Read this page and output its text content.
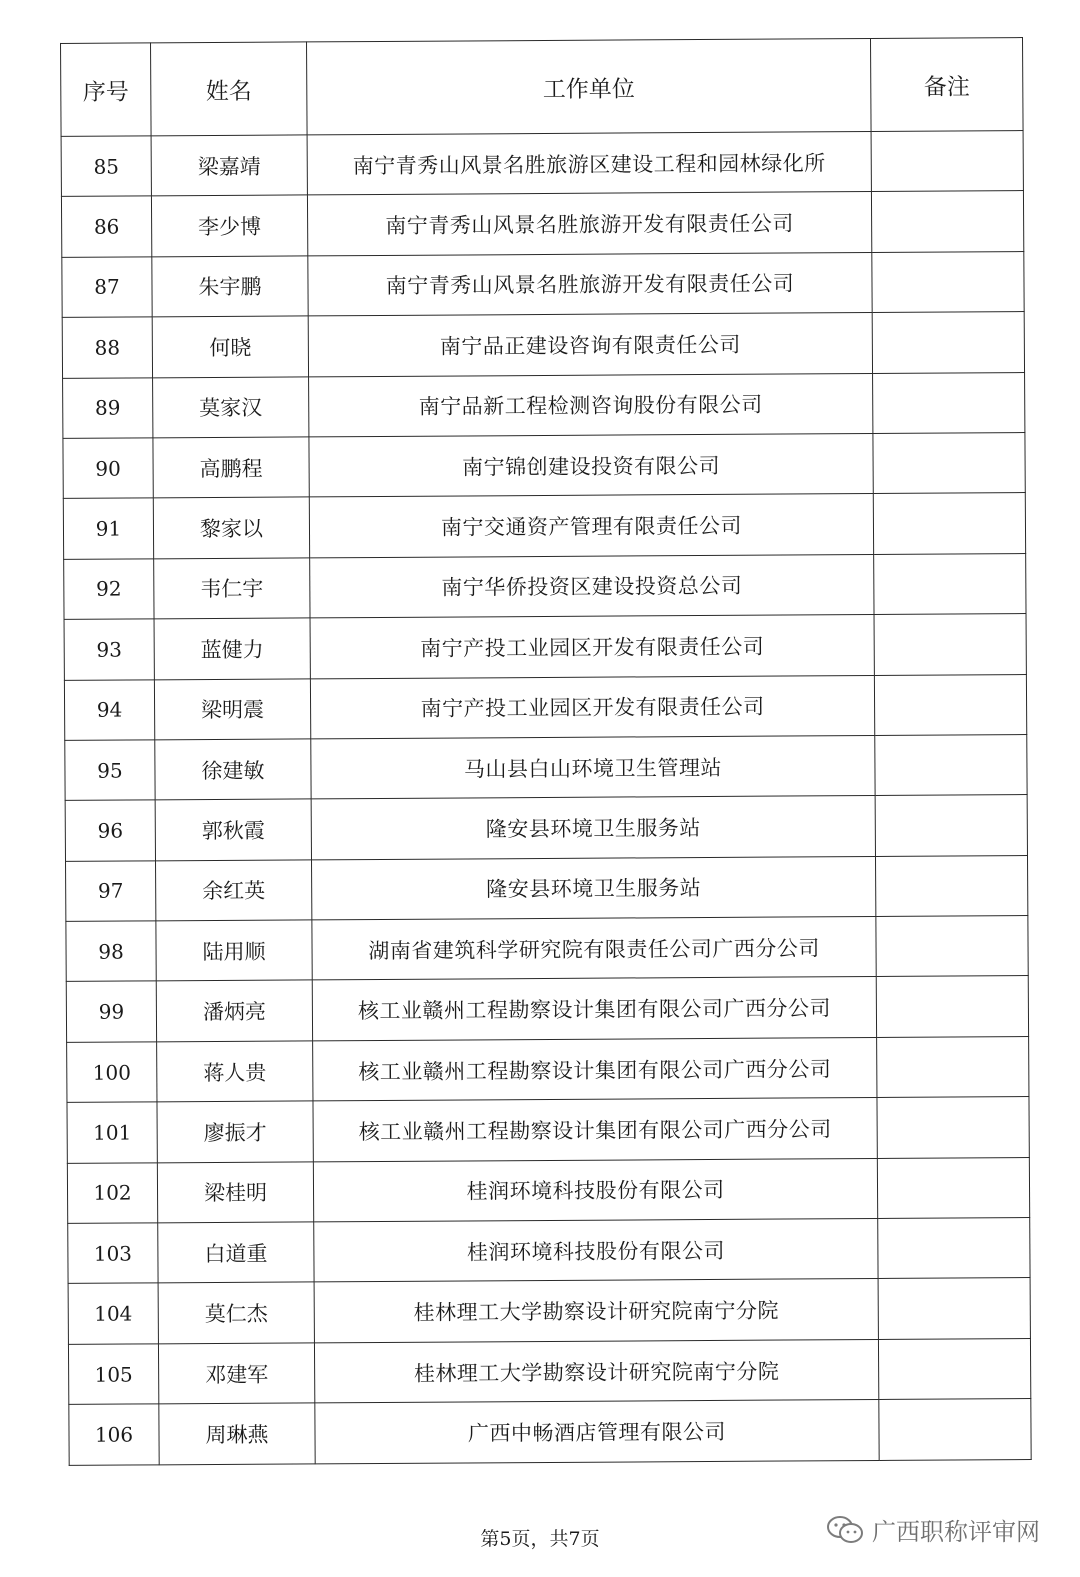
序号	姓名	工作单位	备注
85	梁嘉靖	南宁青秀山风景名胜旅游区建设工程和园林绿化所	
86	李少博	南宁青秀山风景名胜旅游开发有限责任公司	
87	朱宇鹏	南宁青秀山风景名胜旅游开发有限责任公司	
88	何晓	南宁品正建设咨询有限责任公司	
89	莫家汉	南宁品新工程检测咨询股份有限公司	
90	高鹏程	南宁锦创建设投资有限公司	
91	黎家以	南宁交通资产管理有限责任公司	
92	韦仁宇	南宁华侨投资区建设投资总公司	
93	蓝健力	南宁产投工业园区开发有限责任公司	
94	梁明震	南宁产投工业园区开发有限责任公司	
95	徐建敏	马山县白山环境卫生管理站	
96	郭秋霞	隆安县环境卫生服务站	
97	余红英	隆安县环境卫生服务站	
98	陆用顺	湖南省建筑科学研究院有限责任公司广西分公司	
99	潘炳亮	核工业赣州工程勘察设计集团有限公司广西分公司	
100	蒋人贵	核工业赣州工程勘察设计集团有限公司广西分公司	
101	廖振才	核工业赣州工程勘察设计集团有限公司广西分公司	
102	梁桂明	桂润环境科技股份有限公司	
103	白道重	桂润环境科技股份有限公司	
104	莫仁杰	桂林理工大学勘察设计研究院南宁分院	
105	邓建军	桂林理工大学勘察设计研究院南宁分院	
106	周琳燕	广西中畅酒店管理有限公司	
第5页，共7页	广西职称评审网
